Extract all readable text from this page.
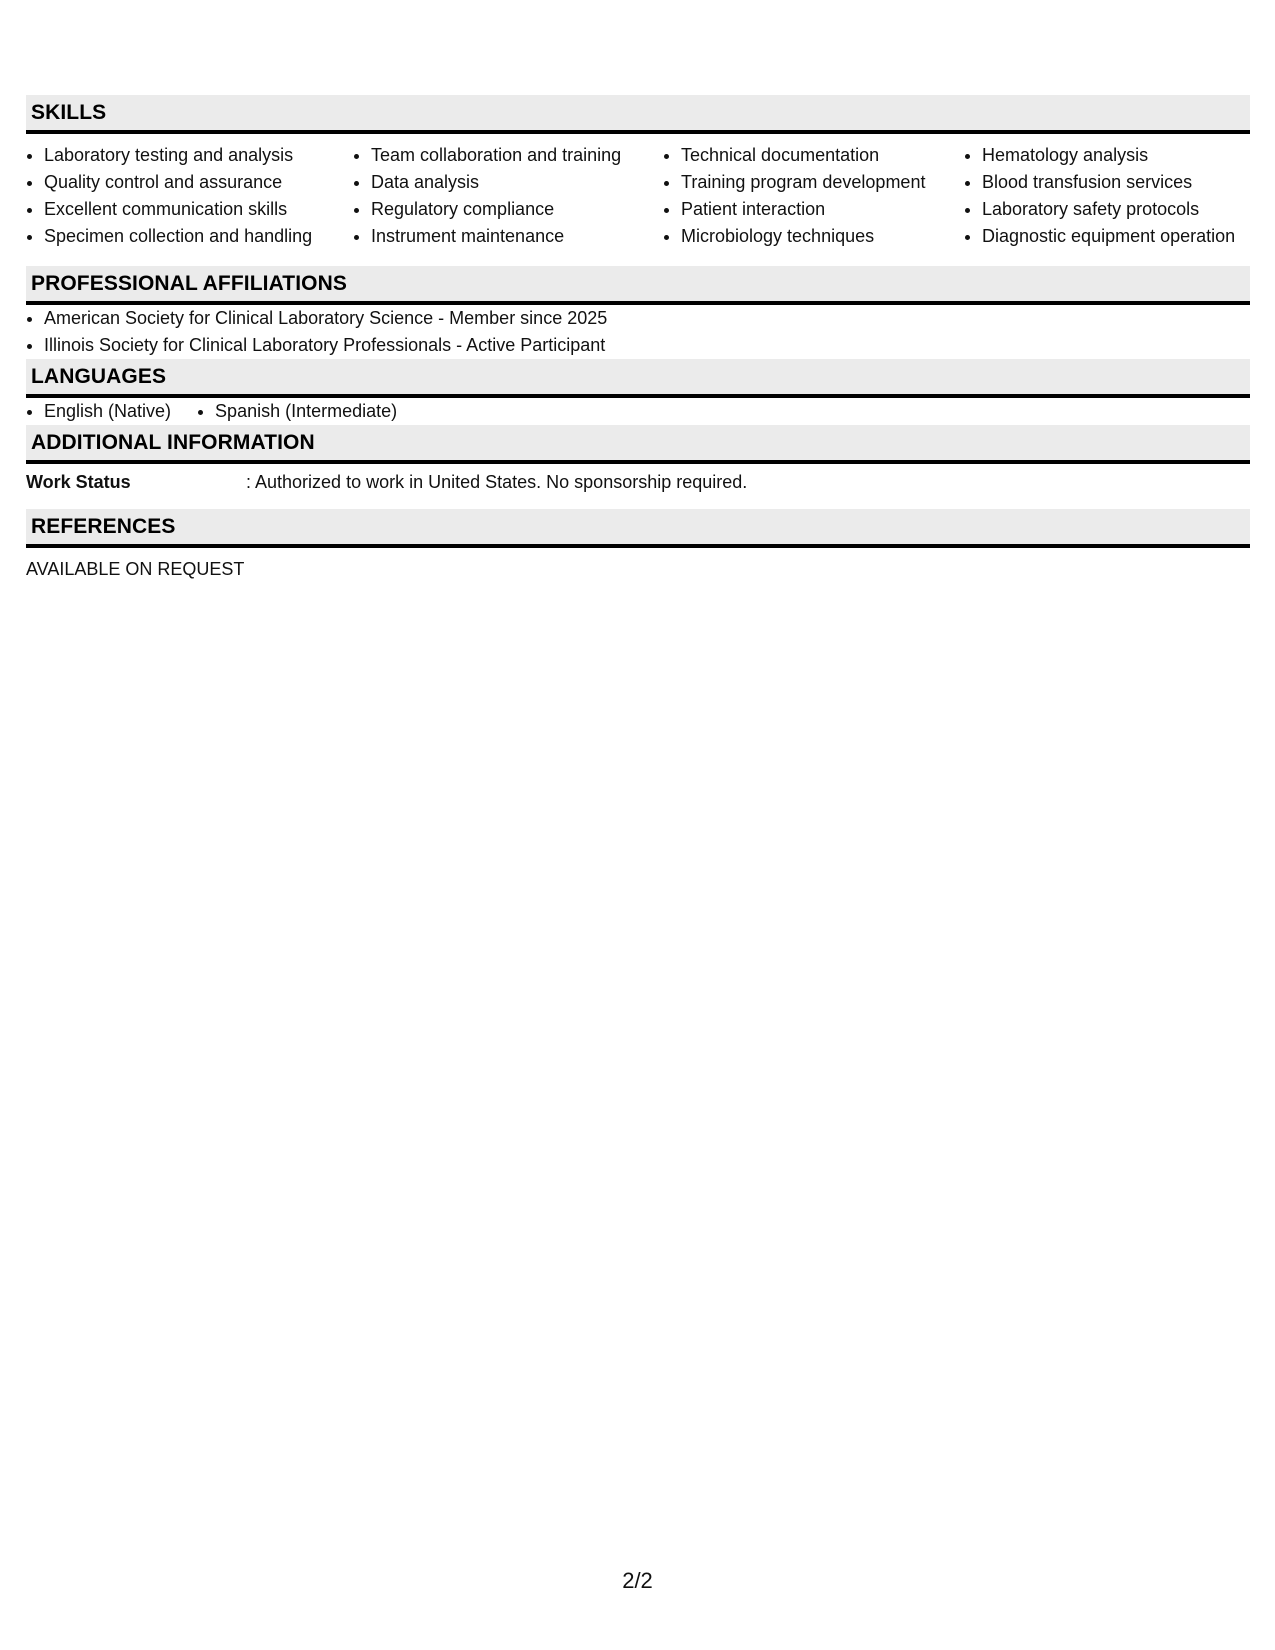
SKILLS
Laboratory testing and analysis
Quality control and assurance
Excellent communication skills
Specimen collection and handling
Team collaboration and training
Data analysis
Regulatory compliance
Instrument maintenance
Technical documentation
Training program development
Patient interaction
Microbiology techniques
Hematology analysis
Blood transfusion services
Laboratory safety protocols
Diagnostic equipment operation
PROFESSIONAL AFFILIATIONS
American Society for Clinical Laboratory Science - Member since 2025
Illinois Society for Clinical Laboratory Professionals - Active Participant
LANGUAGES
English (Native)	Spanish (Intermediate)
ADDITIONAL INFORMATION
Work Status	: Authorized to work in United States. No sponsorship required.
REFERENCES
AVAILABLE ON REQUEST
2/2
